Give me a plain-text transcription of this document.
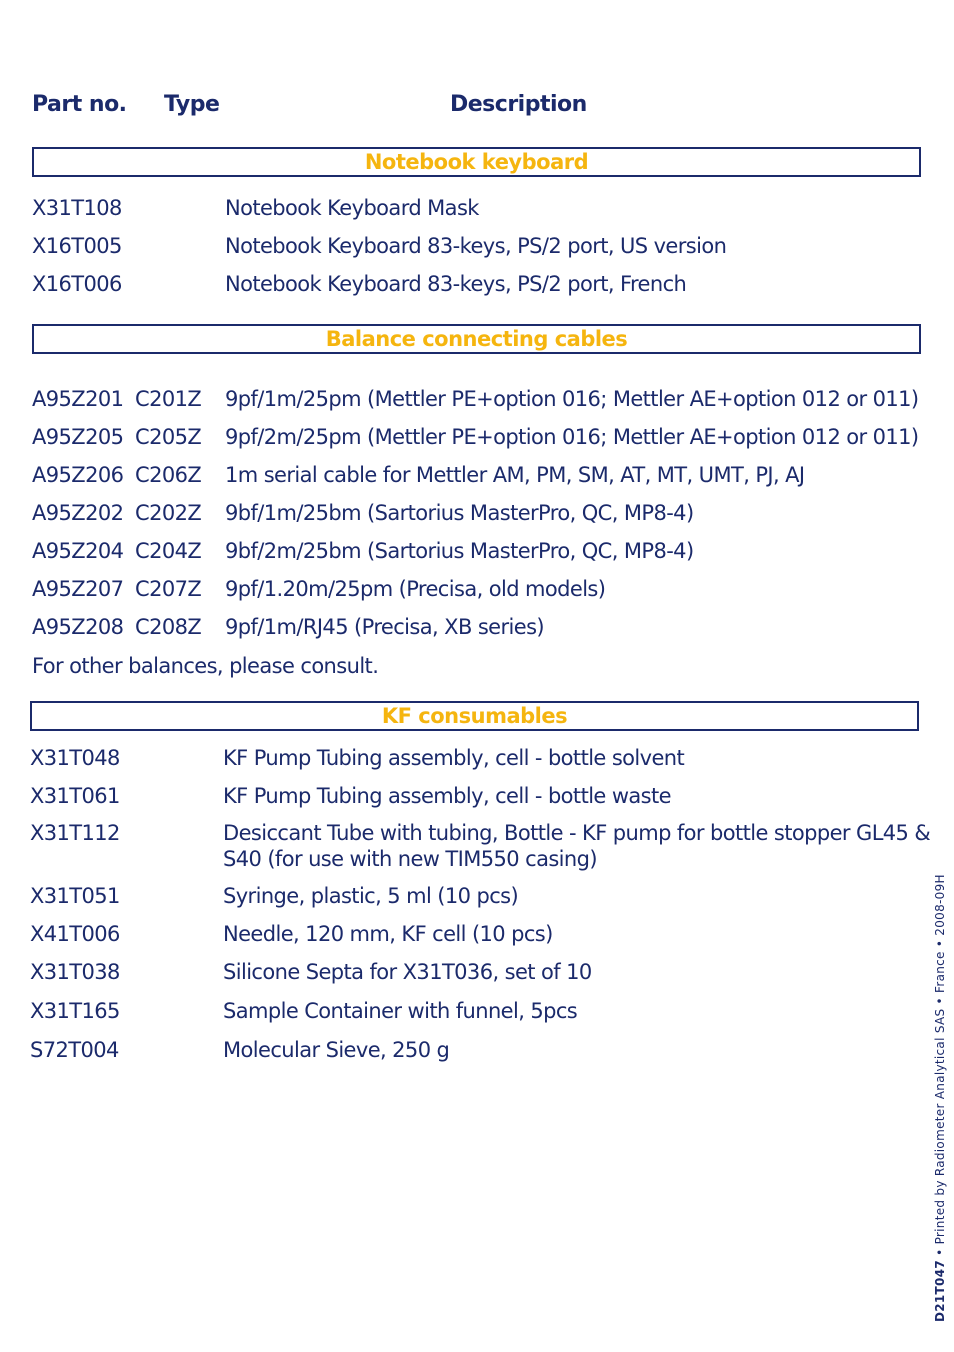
Part no. Type	Description
Notebook keyboard
X31T108	Notebook Keyboard Mask
X16T005	Notebook Keyboard 83-keys, PS/2 port, US version
X16T006	Notebook Keyboard 83-keys, PS/2 port, French
Balance connecting cables
A95Z201 C201Z 9pf/1m/25pm (Mettler PE+option 016; Mettler AE+option 012 or 011)
A95Z205 C205Z 9pf/2m/25pm (Mettler PE+option 016; Mettler AE+option 012 or 011)
A95Z206 C206Z 1m serial cable for Mettler AM, PM, SM, AT, MT, UMT, PJ, AJ
A95Z202 C202Z 9bf/1m/25bm (Sartorius MasterPro, QC, MP8-4)
A95Z204 C204Z 9bf/2m/25bm (Sartorius MasterPro, QC, MP8-4)
A95Z207 C207Z 9pf/1.20m/25pm (Precisa, old models)
A95Z208 C208Z 9pf/1m/RJ45 (Precisa, XB series)
For other balances, please consult.
KF consumables
X31T048	KF Pump Tubing assembly, cell - bottle solvent
X31T061	KF Pump Tubing assembly, cell - bottle waste
X31T112	Desiccant Tube with tubing, Bottle - KF pump for bottle stopper GL45 &
S40 (for use with new TIM550 casing)
X31T051	Syringe, plastic, 5 ml (10 pcs)
X41T006	Needle, 120 mm, KF cell (10 pcs)
X31T038	Silicone Septa for X31T036, set of 10
X31T165	Sample Container with funnel, 5pcs
S72T004	Molecular Sieve, 250 g
D21T047 • Printed by Radiometer Analytical SAS • France • 2008-09H
